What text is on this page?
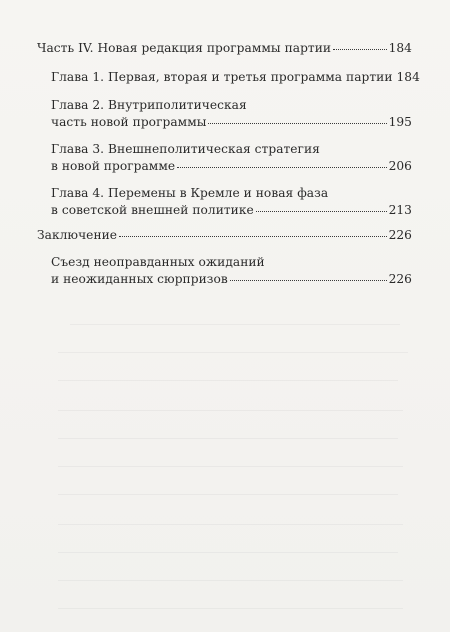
Часть IV. Новая редакция программы партии	184
Глава 1. Первая, вторая и третья программа партии 184
Глава 2. Внутриполитическая
часть новой программы	195
Глава 3. Внешнеполитическая стратегия
в новой программе	206
Глава 4. Перемены в Кремле и новая фаза
в советской внешней политике	213
Заключение	226
Съезд неоправданных ожиданий
и неожиданных сюрпризов	226
